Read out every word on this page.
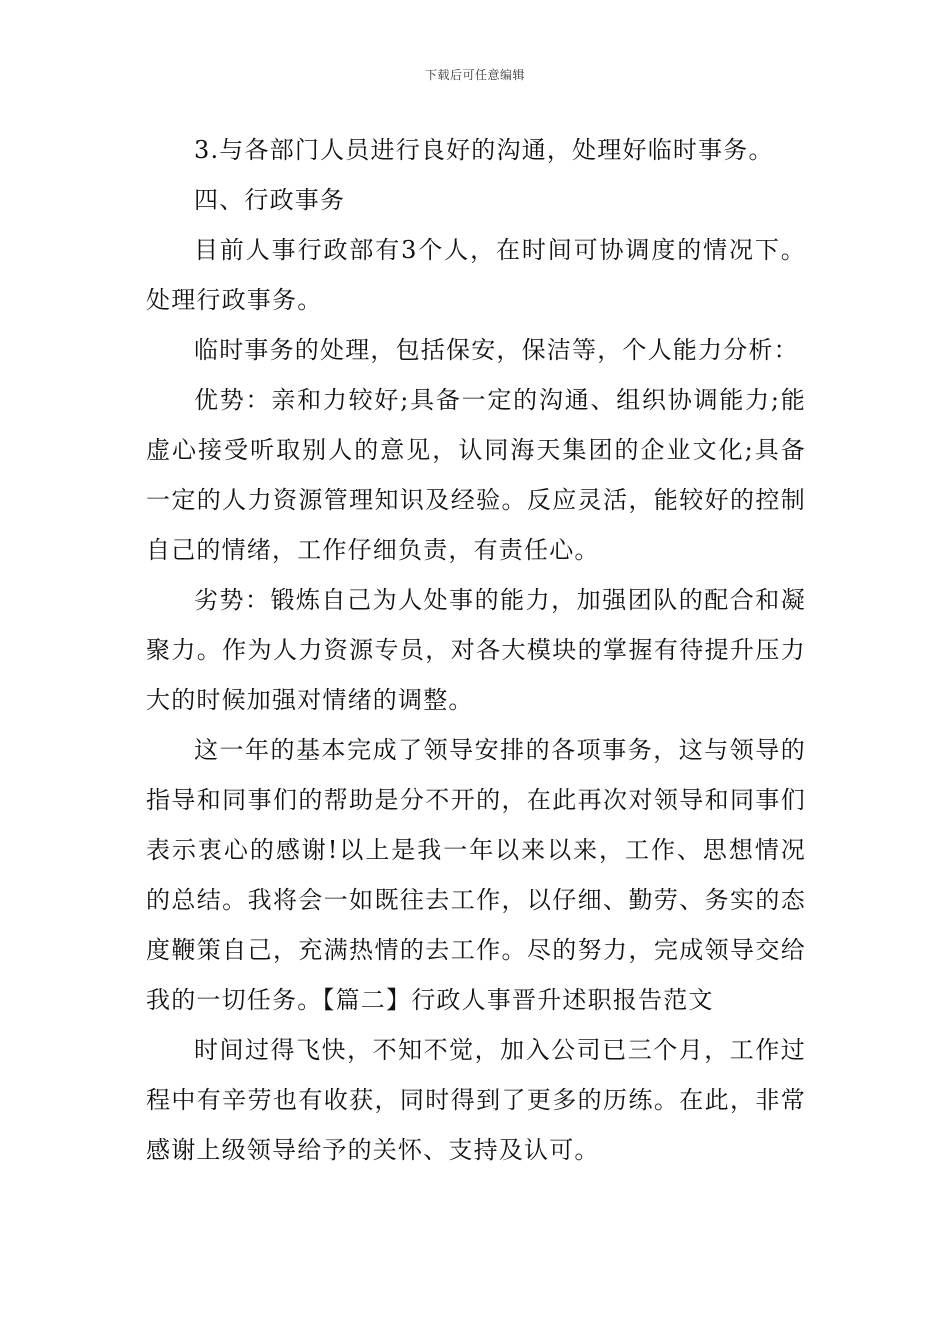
下载后可任意编辑

3.与各部门人员进行良好的沟通，处理好临时事务。

四、行政事务

目前人事行政部有3个人，在时间可协调度的情况下。处理行政事务。

临时事务的处理，包括保安，保洁等，个人能力分析：

优势：亲和力较好;具备一定的沟通、组织协调能力;能虚心接受听取别人的意见，认同海天集团的企业文化;具备一定的人力资源管理知识及经验。反应灵活，能较好的控制自己的情绪，工作仔细负责，有责任心。

劣势：锻炼自己为人处事的能力，加强团队的配合和凝聚力。作为人力资源专员，对各大模块的掌握有待提升压力大的时候加强对情绪的调整。

这一年的基本完成了领导安排的各项事务，这与领导的指导和同事们的帮助是分不开的，在此再次对领导和同事们表示衷心的感谢!以上是我一年以来以来，工作、思想情况的总结。我将会一如既往去工作，以仔细、勤劳、务实的态度鞭策自己，充满热情的去工作。尽的努力，完成领导交给我的一切任务。【篇二】行政人事晋升述职报告范文

时间过得飞快，不知不觉，加入公司已三个月，工作过程中有辛劳也有收获，同时得到了更多的历练。在此，非常感谢上级领导给予的关怀、支持及认可。
